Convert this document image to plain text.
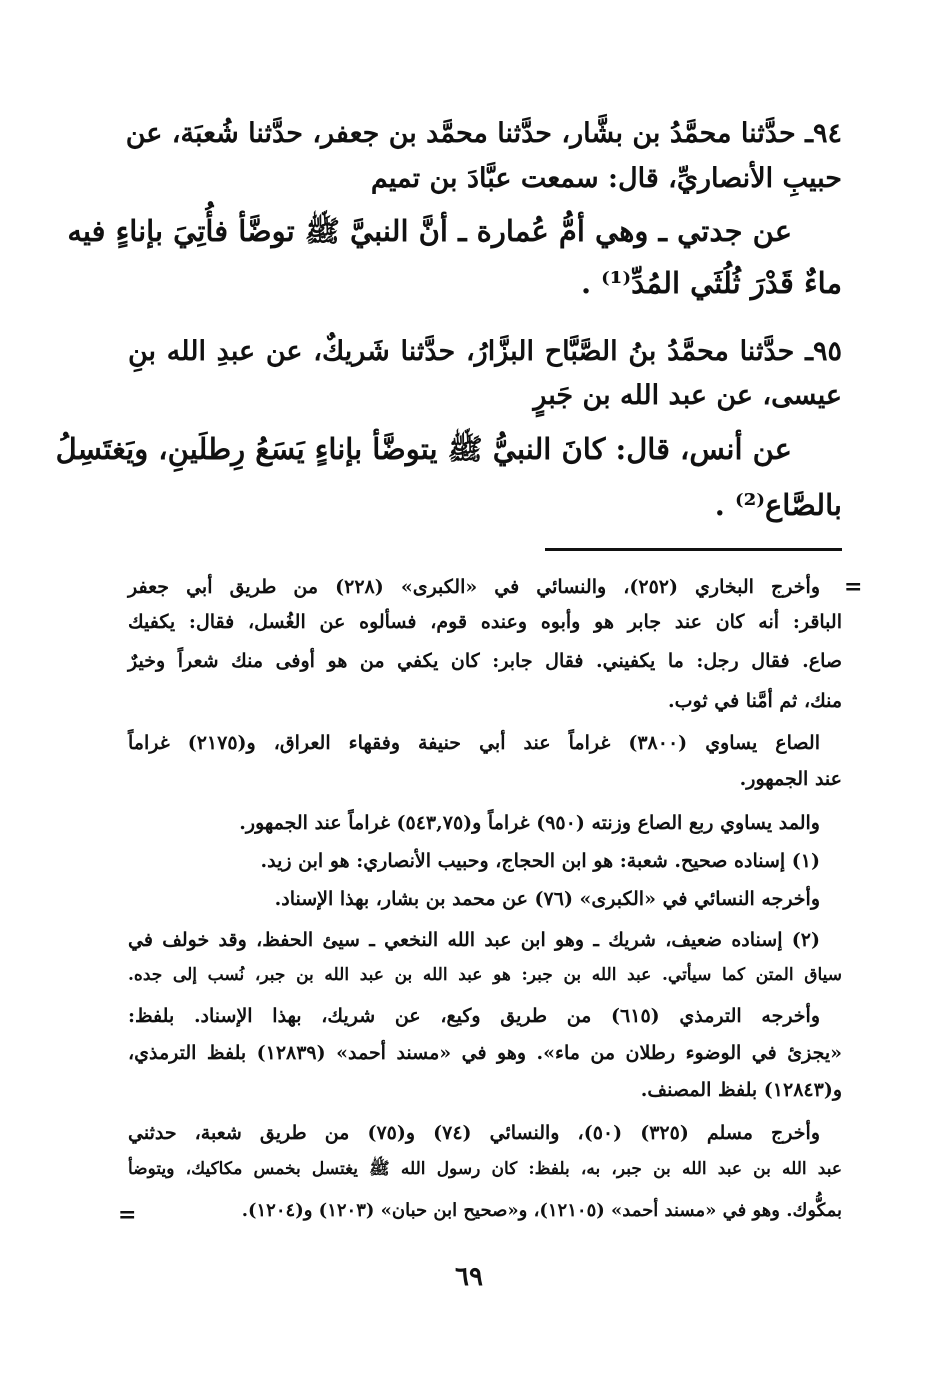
٩٤ـ حدَّثنا محمَّدُ بن بشَّار، حدَّثنا محمَّد بن جعفر، حدَّثنا شُعبَة، عن
حبيبِ الأنصاريِّ، قال: سمعت عبَّادَ بن تميم
عن جدتي ـ وهي أمُّ عُمارة ـ أنَّ النبيَّ ﷺ توضَّأ فأُتِيَ بإناءٍ فيه
ماءٌ قَدْرَ ثُلُثَي المُدِّ⁽¹⁾ .
٩٥ـ حدَّثنا محمَّدُ بنُ الصَّبَّاح البزَّارُ، حدَّثنا شَريكٌ، عن عبدِ الله بنِ
عيسى، عن عبد الله بن جَبرٍ
عن أنس، قال: كانَ النبيُّ ﷺ يتوضَّأ بإناءٍ يَسَعُ رِطلَينِ، ويَغتَسِلُ
بالصَّاع⁽²⁾ .
=
وأخرج البخاري (٢٥٢)، والنسائي في «الكبرى» (٢٢٨) من طريق أبي جعفر
الباقر: أنه كان عند جابر هو وأبوه وعنده قوم، فسألوه عن الغُسل، فقال: يكفيك
صاع. فقال رجل: ما يكفيني. فقال جابر: كان يكفي من هو أوفى منك شعراً وخيرٌ
منك، ثم أمَّنا في ثوب.
الصاع يساوي (٣٨٠٠) غراماً عند أبي حنيفة وفقهاء العراق، و(٢١٧٥) غراماً
عند الجمهور.
والمد يساوي ربع الصاع وزنته (٩٥٠) غراماً و(٥٤٣,٧٥) غراماً عند الجمهور.
(١) إسناده صحيح. شعبة: هو ابن الحجاج، وحبيب الأنصاري: هو ابن زيد.
وأخرجه النسائي في «الكبرى» (٧٦) عن محمد بن بشار، بهذا الإسناد.
(٢) إسناده ضعيف، شريك ـ وهو ابن عبد الله النخعي ـ سيئ الحفظ، وقد خولف في
سياق المتن كما سيأتي. عبد الله بن جبر: هو عبد الله بن عبد الله بن جبر، نُسب إلى جده.
وأخرجه الترمذي (٦١٥) من طريق وكيع، عن شريك، بهذا الإسناد. بلفظ:
«يجزئ في الوضوء رطلان من ماء». وهو في «مسند أحمد» (١٢٨٣٩) بلفظ الترمذي،
و(١٢٨٤٣) بلفظ المصنف.
وأخرج مسلم (٣٢٥) (٥٠)، والنسائي (٧٤) و(٧٥) من طريق شعبة، حدثني
عبد الله بن عبد الله بن جبر، به، بلفظ: كان رسول الله ﷺ يغتسل بخمس مكاكيك، ويتوضأ
بمكُّوك. وهو في «مسند أحمد» (١٢١٠٥)، و«صحيح ابن حبان» (١٢٠٣) و(١٢٠٤).
=
٦٩
